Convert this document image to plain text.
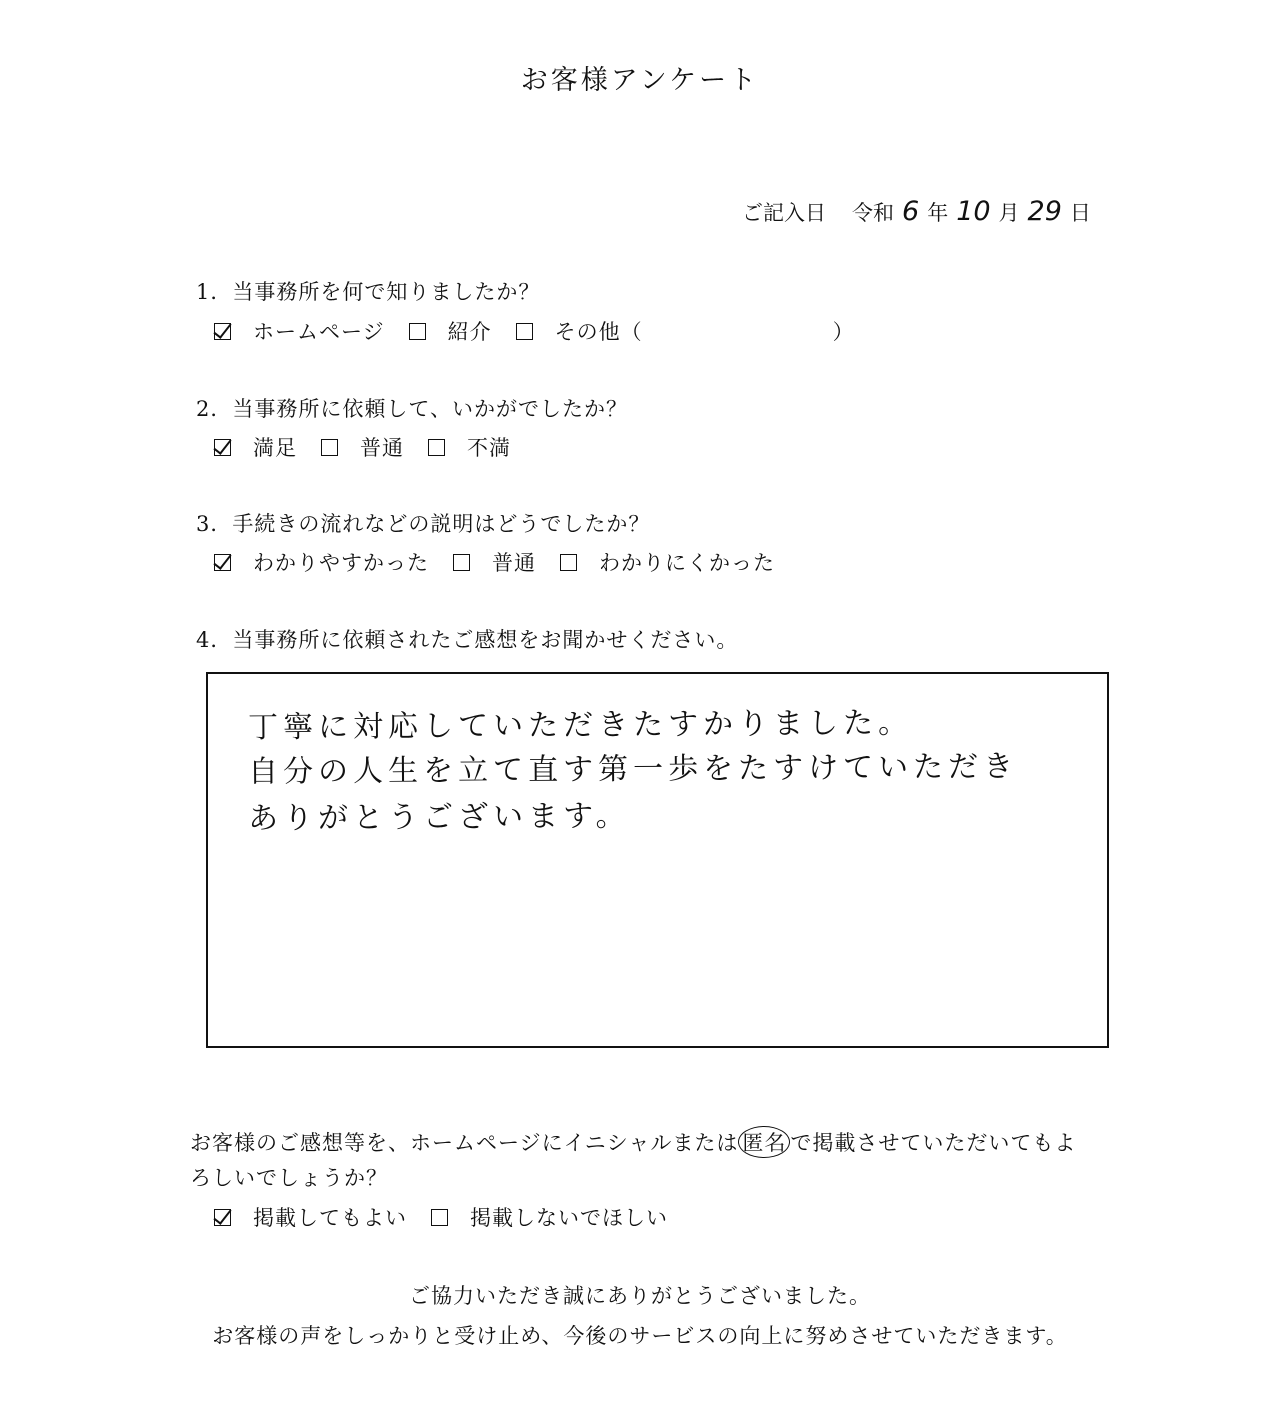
お客様アンケート
ご記入日 令和 6 年 10 月 29 日
1．当事務所を何で知りましたか？
ホームページ	紹介	その他（	）
2．当事務所に依頼して、いかがでしたか？
満足	普通	不満
3．手続きの流れなどの説明はどうでしたか？
わかりやすかった	普通	わかりにくかった
4．当事務所に依頼されたご感想をお聞かせください。
丁寧に対応していただきたすかりました。
自分の人生を立て直す第一歩をたすけていただき
ありがとうございます。
お客様のご感想等を、ホームページにイニシャルまたは 匿名 で掲載させていただいてもよ
ろしいでしょうか？
掲載してもよい	掲載しないでほしい
ご協力いただき誠にありがとうございました。
お客様の声をしっかりと受け止め、今後のサービスの向上に努めさせていただきます。
